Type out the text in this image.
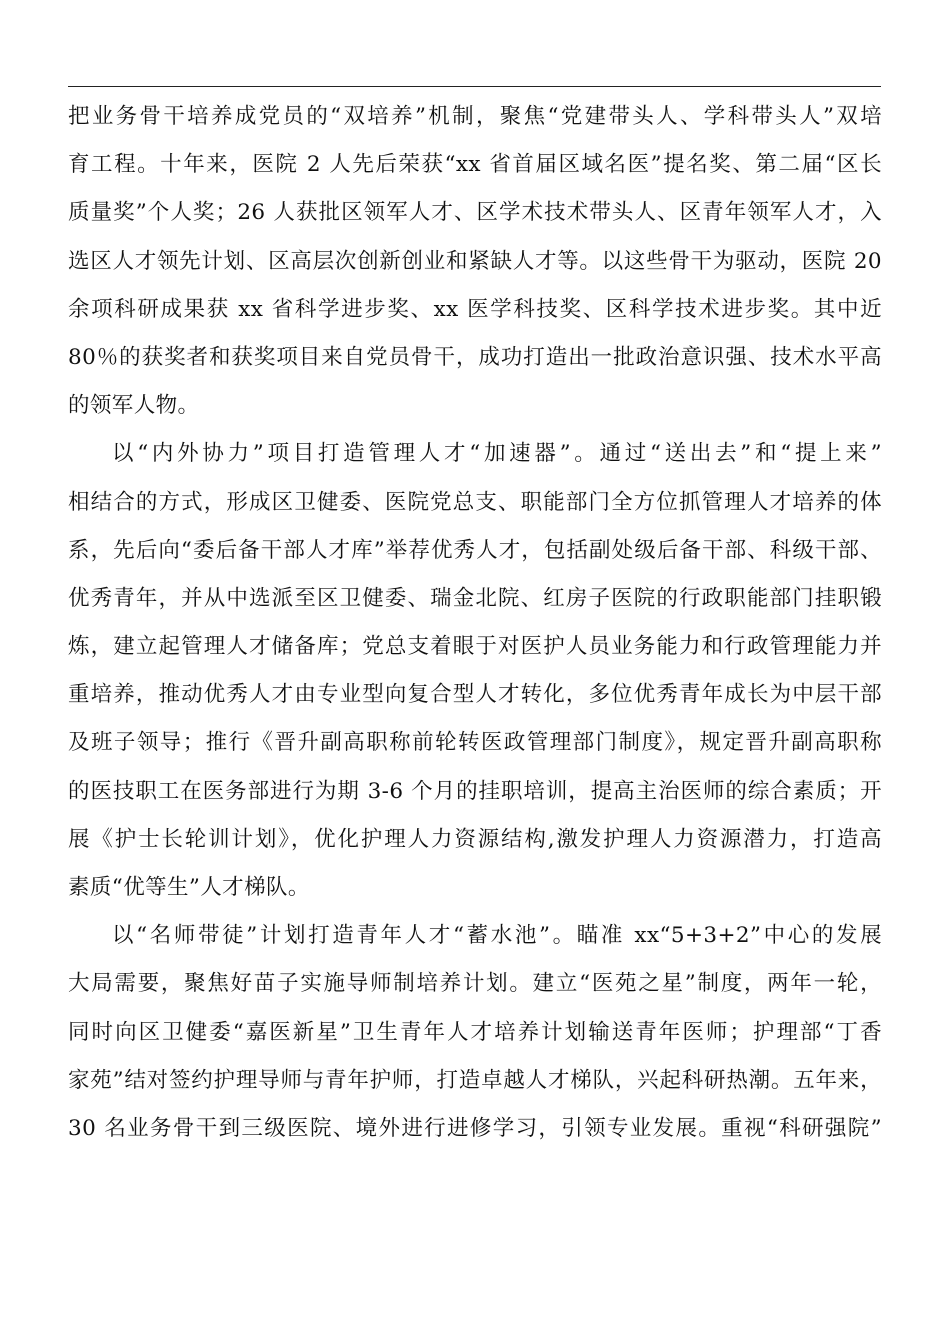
把业务骨干培养成党员的“双培养”机制，聚焦“党建带头人、学科带头人”双培
育工程。十年来，医院 2 人先后荣获“xx 省首届区域名医”提名奖、第二届“区长
质量奖”个人奖；26 人获批区领军人才、区学术技术带头人、区青年领军人才，入
选区人才领先计划、区高层次创新创业和紧缺人才等。以这些骨干为驱动，医院 20
余项科研成果获 xx 省科学进步奖、xx 医学科技奖、区科学技术进步奖。其中近
80％的获奖者和获奖项目来自党员骨干，成功打造出一批政治意识强、技术水平高
的领军人物。
以“内外协力”项目打造管理人才“加速器”。通过“送出去”和“提上来”
相结合的方式，形成区卫健委、医院党总支、职能部门全方位抓管理人才培养的体
系，先后向“委后备干部人才库”举荐优秀人才，包括副处级后备干部、科级干部、
优秀青年，并从中选派至区卫健委、瑞金北院、红房子医院的行政职能部门挂职锻
炼，建立起管理人才储备库；党总支着眼于对医护人员业务能力和行政管理能力并
重培养，推动优秀人才由专业型向复合型人才转化，多位优秀青年成长为中层干部
及班子领导；推行《晋升副高职称前轮转医政管理部门制度》，规定晋升副高职称
的医技职工在医务部进行为期 3-6 个月的挂职培训，提高主治医师的综合素质；开
展《护士长轮训计划》，优化护理人力资源结构,激发护理人力资源潜力，打造高
素质“优等生”人才梯队。
以“名师带徒”计划打造青年人才“蓄水池”。瞄准 xx“5+3+2”中心的发展
大局需要，聚焦好苗子实施导师制培养计划。建立“医苑之星”制度，两年一轮，
同时向区卫健委“嘉医新星”卫生青年人才培养计划输送青年医师；护理部“丁香
家苑”结对签约护理导师与青年护师，打造卓越人才梯队，兴起科研热潮。五年来，
30 名业务骨干到三级医院、境外进行进修学习，引领专业发展。重视“科研强院”
